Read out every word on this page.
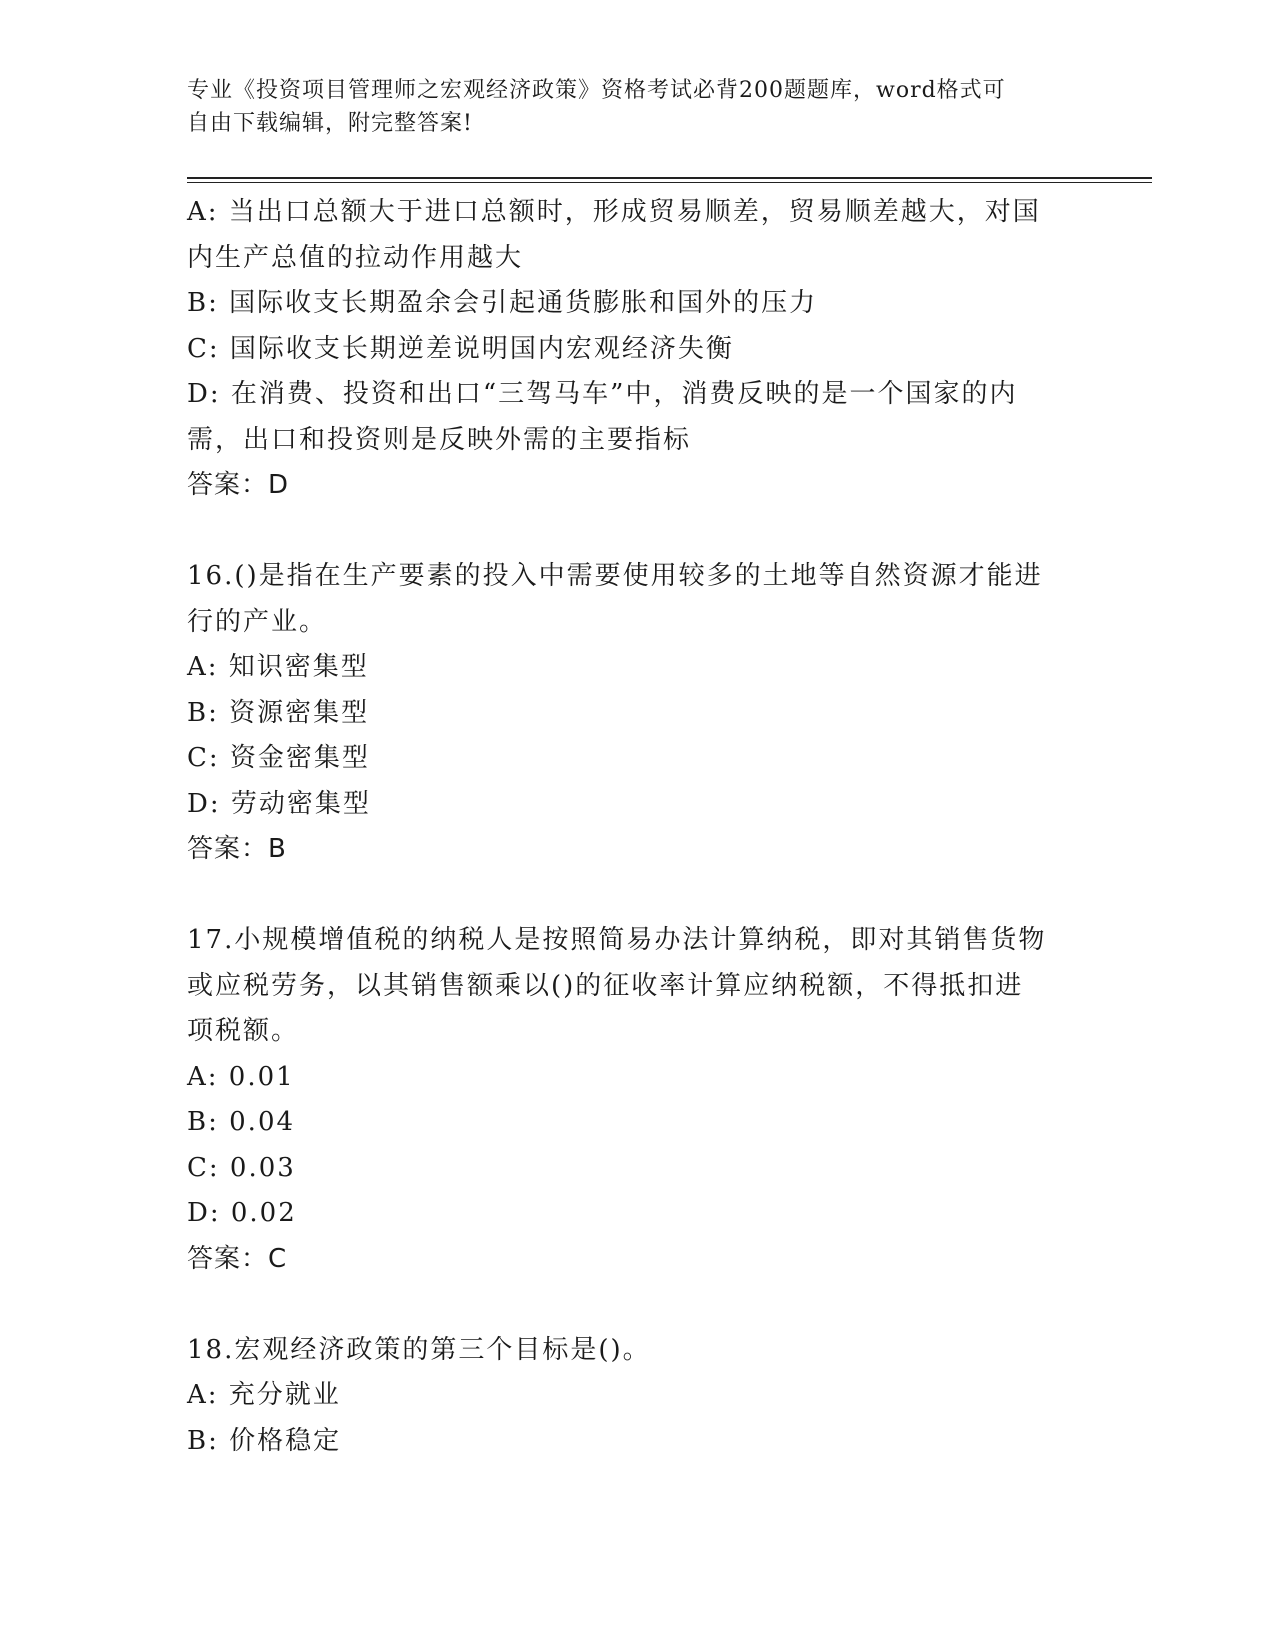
专业《投资项目管理师之宏观经济政策》资格考试必背200题题库，word格式可
自由下载编辑，附完整答案!
A: 当出口总额大于进口总额时，形成贸易顺差，贸易顺差越大，对国
内生产总值的拉动作用越大
B: 国际收支长期盈余会引起通货膨胀和国外的压力
C: 国际收支长期逆差说明国内宏观经济失衡
D: 在消费、投资和出口“三驾马车”中，消费反映的是一个国家的内
需，出口和投资则是反映外需的主要指标
答案：D
16.()是指在生产要素的投入中需要使用较多的土地等自然资源才能进
行的产业。
A: 知识密集型
B: 资源密集型
C: 资金密集型
D: 劳动密集型
答案：B
17.小规模增值税的纳税人是按照简易办法计算纳税，即对其销售货物
或应税劳务，以其销售额乘以()的征收率计算应纳税额，不得抵扣进
项税额。
A: 0.01
B: 0.04
C: 0.03
D: 0.02
答案：C
18.宏观经济政策的第三个目标是()。
A: 充分就业
B: 价格稳定
